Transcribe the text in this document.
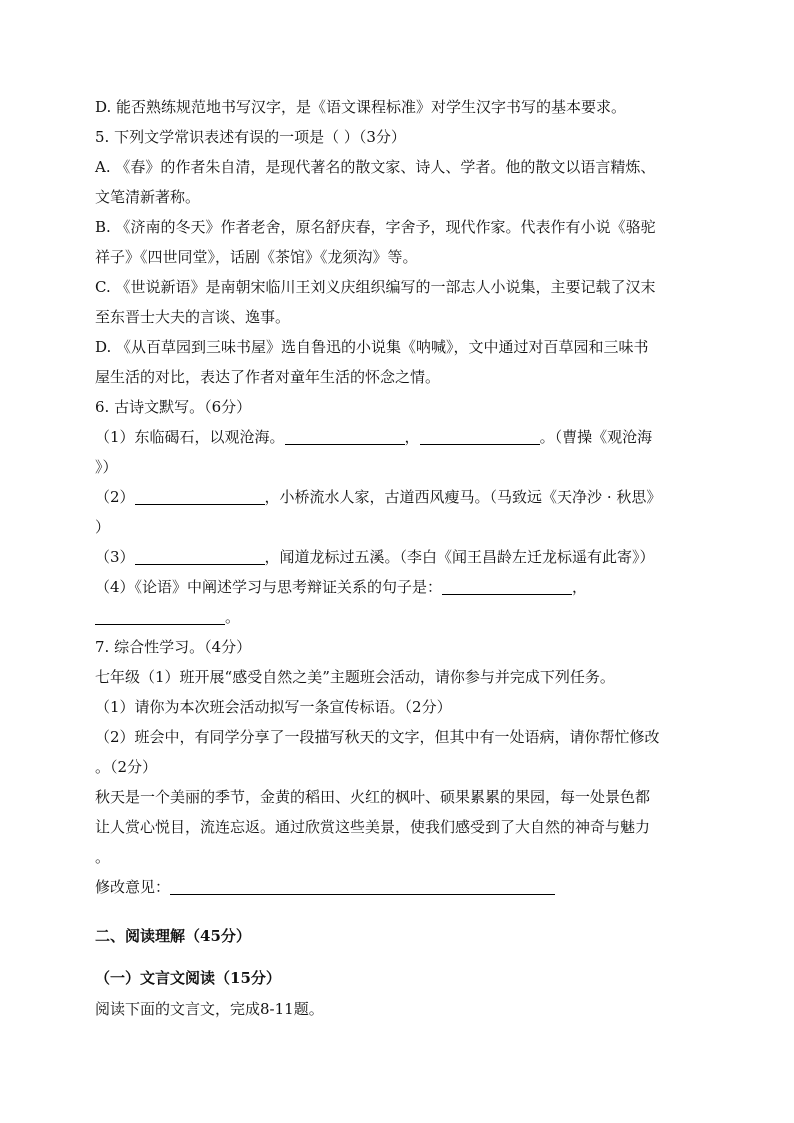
D. 能否熟练规范地书写汉字，是《语文课程标准》对学生汉字书写的基本要求。
5. 下列文学常识表述有误的一项是（ ）（3分）
A. 《春》的作者朱自清，是现代著名的散文家、诗人、学者。他的散文以语言精炼、
文笔清新著称。
B. 《济南的冬天》作者老舍，原名舒庆春，字舍予，现代作家。代表作有小说《骆驼
祥子》《四世同堂》，话剧《茶馆》《龙须沟》等。
C. 《世说新语》是南朝宋临川王刘义庆组织编写的一部志人小说集，主要记载了汉末
至东晋士大夫的言谈、逸事。
D. 《从百草园到三味书屋》选自鲁迅的小说集《呐喊》，文中通过对百草园和三味书
屋生活的对比，表达了作者对童年生活的怀念之情。
6. 古诗文默写。（6分）
（1）东临碣石，以观沧海。	，	。（曹操《观沧海
》）
（2）	，小桥流水人家，古道西风瘦马。（马致远《天净沙 · 秋思》
）
（3）	，闻道龙标过五溪。（李白《闻王昌龄左迁龙标遥有此寄》）
（4）《论语》中阐述学习与思考辩证关系的句子是：	，
。
7. 综合性学习。（4分）
七年级（1）班开展“感受自然之美”主题班会活动，请你参与并完成下列任务。
（1）请你为本次班会活动拟写一条宣传标语。（2分）
（2）班会中，有同学分享了一段描写秋天的文字，但其中有一处语病，请你帮忙修改
。（2分）
秋天是一个美丽的季节，金黄的稻田、火红的枫叶、硕果累累的果园，每一处景色都
让人赏心悦目，流连忘返。通过欣赏这些美景，使我们感受到了大自然的神奇与魅力
。
修改意见：
二、阅读理解（45分）
（一）文言文阅读（15分）
阅读下面的文言文，完成8-11题。
